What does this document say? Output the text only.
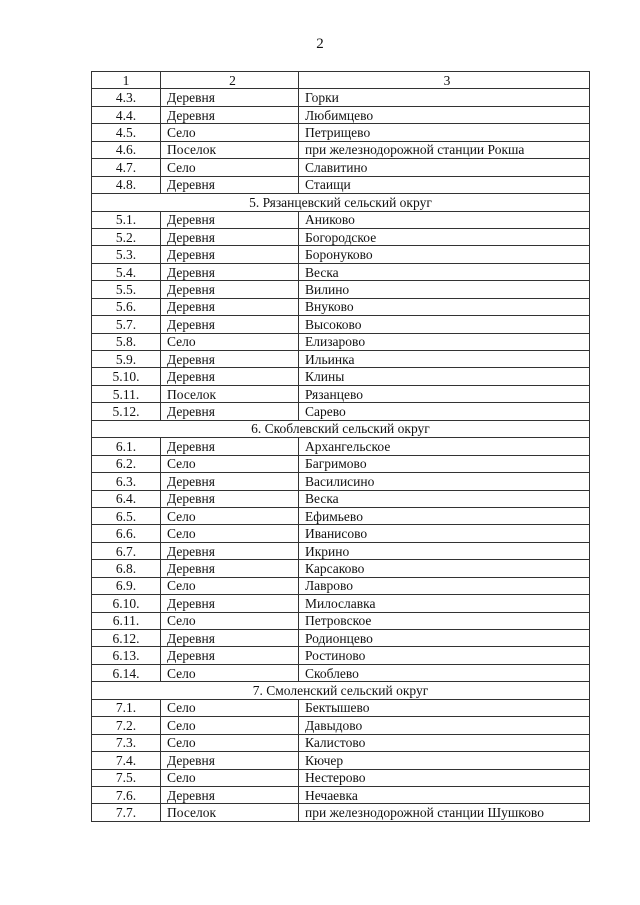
2
1	2	3
4.3.	Деревня	Горки
4.4.	Деревня	Любимцево
4.5.	Село	Петрищево
4.6.	Поселок	при железнодорожной станции Рокша
4.7.	Село	Славитино
4.8.	Деревня	Стаищи
5. Рязанцевский сельский округ		
5.1.	Деревня	Аниково
5.2.	Деревня	Богородское
5.3.	Деревня	Боронуково
5.4.	Деревня	Веска
5.5.	Деревня	Вилино
5.6.	Деревня	Внуково
5.7.	Деревня	Высоково
5.8.	Село	Елизарово
5.9.	Деревня	Ильинка
5.10.	Деревня	Клины
5.11.	Поселок	Рязанцево
5.12.	Деревня	Сарево
6. Скоблевский сельский округ		
6.1.	Деревня	Архангельское
6.2.	Село	Багримово
6.3.	Деревня	Василисино
6.4.	Деревня	Веска
6.5.	Село	Ефимьево
6.6.	Село	Иванисово
6.7.	Деревня	Икрино
6.8.	Деревня	Карсаково
6.9.	Село	Лаврово
6.10.	Деревня	Милославка
6.11.	Село	Петровское
6.12.	Деревня	Родионцево
6.13.	Деревня	Ростиново
6.14.	Село	Скоблево
7. Смоленский сельский округ		
7.1.	Село	Бектышево
7.2.	Село	Давыдово
7.3.	Село	Калистово
7.4.	Деревня	Кючер
7.5.	Село	Нестерово
7.6.	Деревня	Нечаевка
7.7.	Поселок	при железнодорожной станции Шушково
